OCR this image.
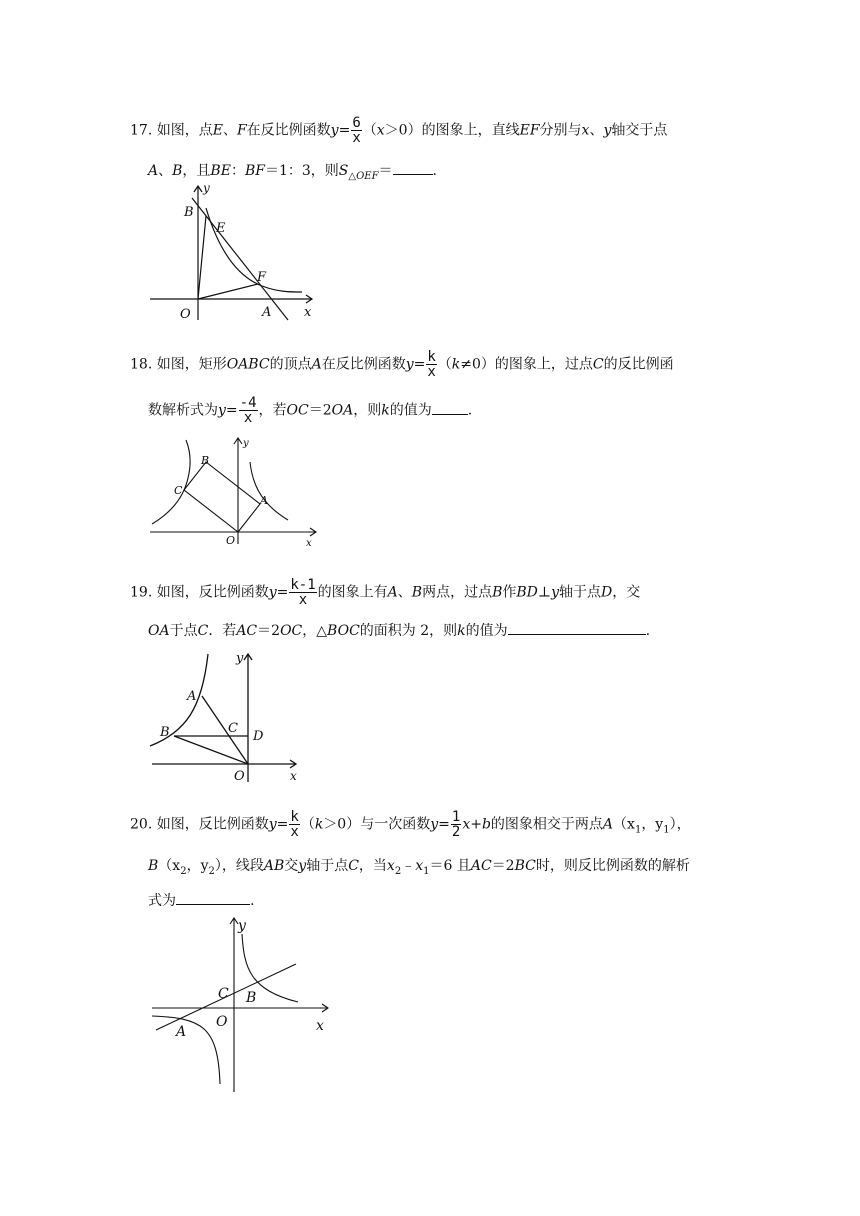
17. 如图，点E、F在反比例函数$y= \frac{6}{x} (x>0)$的图象上，直线EF分别与x、y轴交于点
A、B，且BE：BF＝1：3，则$S_{\triangle OEF}=$	.
B
E
F
O	A	x
y
18. 如图，矩形OABC的顶点A在反比例函数$y= \frac{k}{x} (k\ne 0)$的图象上，过点C的反比例函
数解析式为$y= \frac{-4}{x}$ ，若OC＝2OA，则k的值为	.
B
C
A
O	x
y
19. 如图，反比例函数$y= \frac{k-1}{x}$ 的图象上有A、B两点，过点B作BD⊥y轴于点D，交
OA于点C．若AC＝2OC，△BOC的面积为 2，则k的值为	.
A
B	C
D
O	x
y
20. 如图，反比例函数$y= \frac{k}{x} (k>0)$与一次函数$y= \frac{1}{2} x+b$的图象相交于两点$A(x_1$，$y_1$），
$B(x_2$，$y_2$），线段AB交y轴于点C，当$x_2﹣x_1=6$ 且AC＝2BC时，则反比例函数的解析
式为	.
C B
O
A	x
y
